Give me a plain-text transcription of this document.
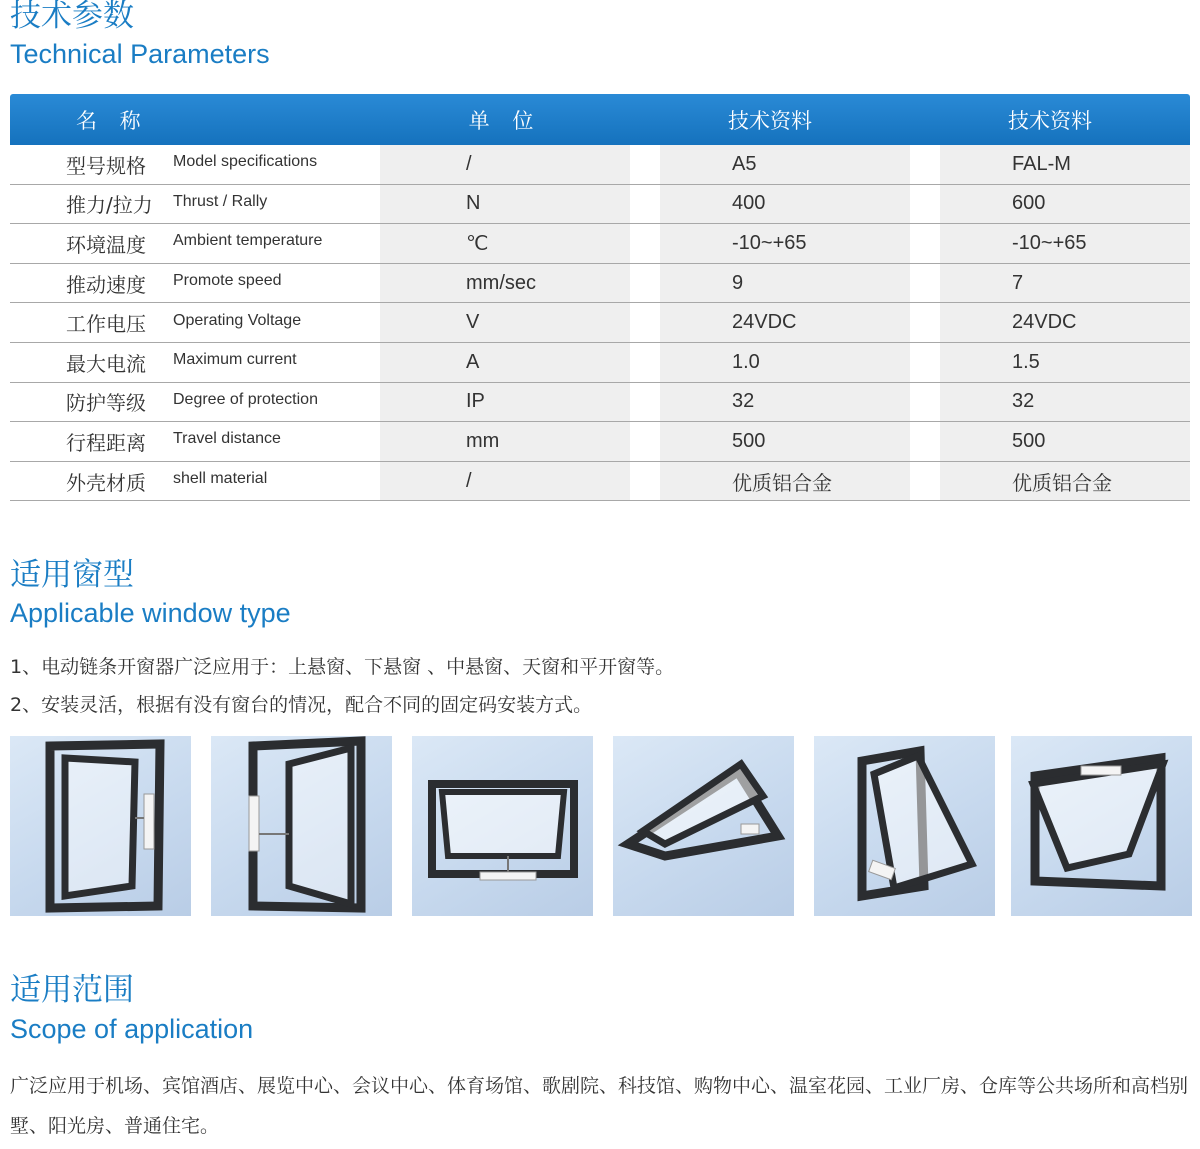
技术参数
Technical Parameters
名 称	单 位	技术资料	技术资料
型号规格	Model specifications	/	A5	FAL-M
推力/拉力	Thrust / Rally	N	400	600
环境温度	Ambient temperature	℃	-10~+65	-10~+65
推动速度	Promote speed	mm/sec	9	7
工作电压	Operating Voltage	V	24VDC	24VDC
最大电流	Maximum current	A	1.0	1.5
防护等级	Degree of protection	IP	32	32
行程距离	Travel distance	mm	500	500
外壳材质	shell material	/	优质铝合金	优质铝合金
适用窗型
Applicable window type

1、电动链条开窗器广泛应用于：上悬窗、下悬窗 、中悬窗、天窗和平开窗等。

2、安装灵活，根据有没有窗台的情况，配合不同的固定码安装方式。

适用范围
Scope of application

广泛应用于机场、宾馆酒店、展览中心、会议中心、体育场馆、歌剧院、科技馆、购物中心、温室花园、工业厂房、仓库等公共场所和高档别墅、阳光房、普通住宅。
